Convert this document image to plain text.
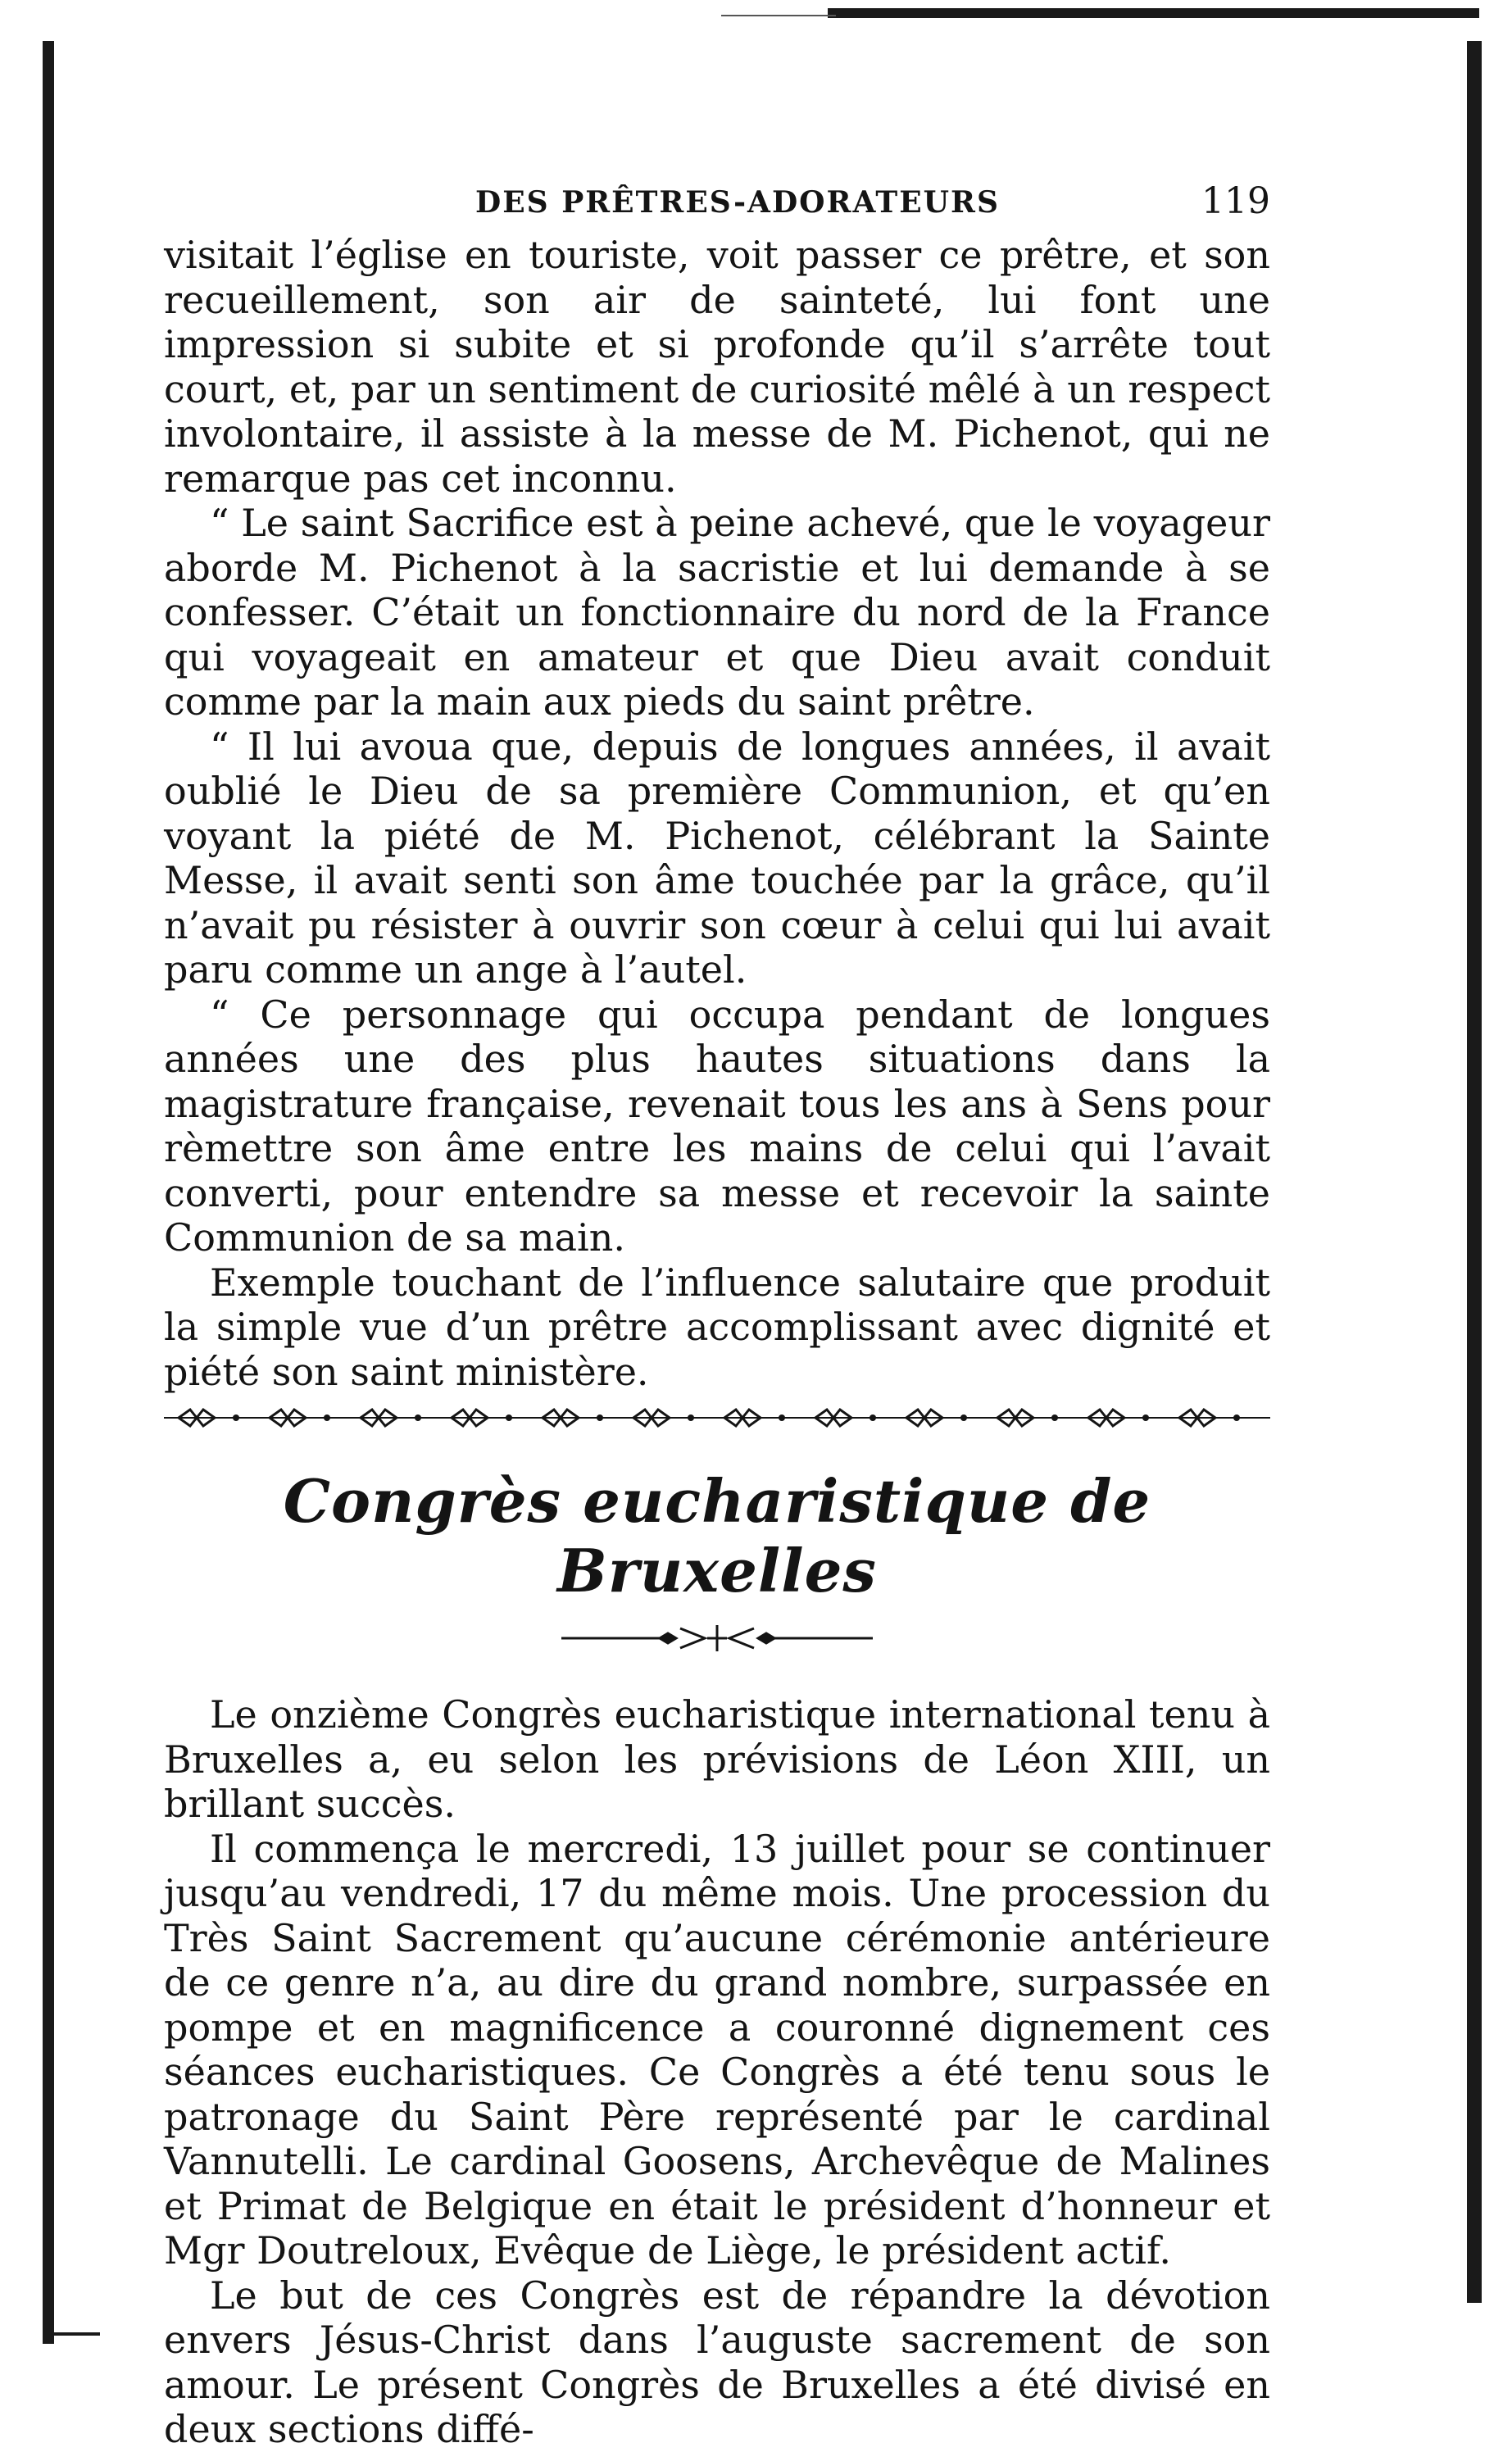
DES PRÊTRES-ADORATEURS	119

visitait l’église en touriste, voit passer ce prêtre, et son recueillement, son air de sainteté, lui font une impression si subite et si profonde qu’il s’arrête tout court, et, par un sentiment de curiosité mêlé à un respect involontaire, il assiste à la messe de M. Pichenot, qui ne remarque pas cet inconnu.

“ Le saint Sacrifice est à peine achevé, que le voyageur aborde M. Pichenot à la sacristie et lui demande à se confesser. C’était un fonctionnaire du nord de la France qui voyageait en amateur et que Dieu avait conduit comme par la main aux pieds du saint prêtre.

“ Il lui avoua que, depuis de longues années, il avait oublié le Dieu de sa première Communion, et qu’en voyant la piété de M. Pichenot, célébrant la Sainte Messe, il avait senti son âme touchée par la grâce, qu’il n’avait pu résister à ouvrir son cœur à celui qui lui avait paru comme un ange à l’autel.

“ Ce personnage qui occupa pendant de longues années une des plus hautes situations dans la magistrature française, revenait tous les ans à Sens pour rèmettre son âme entre les mains de celui qui l’avait converti, pour entendre sa messe et recevoir la sainte Communion de sa main.

Exemple touchant de l’influence salutaire que produit la simple vue d’un prêtre accomplissant avec dignité et piété son saint ministère.

Congrès eucharistique de Bruxelles

Le onzième Congrès eucharistique international tenu à Bruxelles a, eu selon les prévisions de Léon XIII, un brillant succès.

Il commença le mercredi, 13 juillet pour se continuer jusqu’au vendredi, 17 du même mois. Une procession du Très Saint Sacrement qu’aucune cérémonie antérieure de ce genre n’a, au dire du grand nombre, surpassée en pompe et en magnificence a couronné dignement ces séances eucharistiques. Ce Congrès a été tenu sous le patronage du Saint Père représenté par le cardinal Vannutelli. Le cardinal Goosens, Archevêque de Malines et Primat de Belgique en était le président d’honneur et Mgr Doutreloux, Evêque de Liège, le président actif.

Le but de ces Congrès est de répandre la dévotion envers Jésus-Christ dans l’auguste sacrement de son amour. Le présent Congrès de Bruxelles a été divisé en deux sections diffé-
